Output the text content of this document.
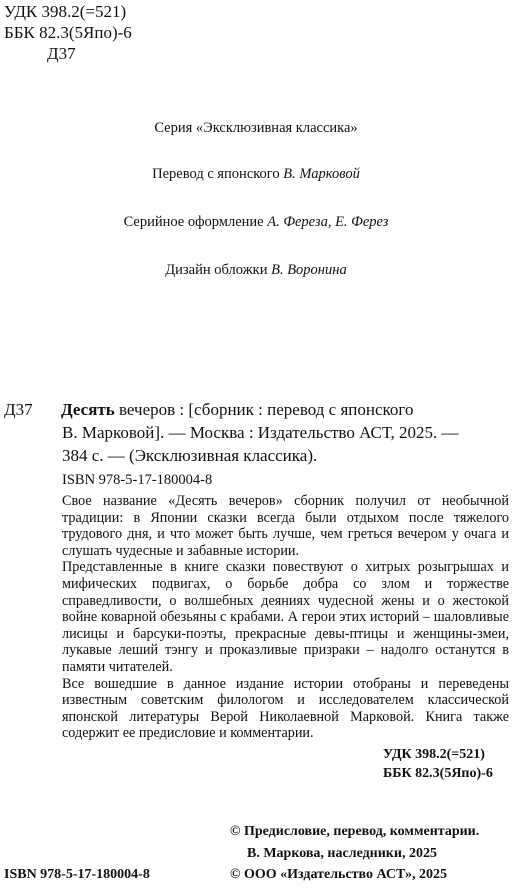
УДК 398.2(=521)
ББК 82.3(5Япо)-6
Д37
Серия «Эксклюзивная классика»
Перевод с японского В. Марковой
Серийное оформление А. Фереза, Е. Ферез
Дизайн обложки В. Воронина
Д37 Десять вечеров : [сборник : перевод с японского
В. Марковой]. — Москва : Издательство АСТ, 2025. —
384 с. — (Эксклюзивная классика).
ISBN 978-5-17-180004-8

Свое название «Десять вечеров» сборник получил от необычной традиции: в Японии сказки всегда были отдыхом после тяжелого трудового дня, и что может быть лучше, чем греться вечером у очага и слушать чудесные и забавные истории.

Представленные в книге сказки повествуют о хитрых розыгрышах и мифических подвигах, о борьбе добра со злом и торжестве справедливости, о волшебных деяниях чудесной жены и о жестокой войне коварной обезьяны с крабами. А герои этих историй – шаловливые лисицы и барсуки-поэты, прекрасные девы-птицы и женщины-змеи, лукавые леший тэнгу и проказливые призраки – надолго останутся в памяти читателей.

Все вошедшие в данное издание истории отобраны и переведены известным советским филологом и исследователем классической японской литературы Верой Николаевной Марковой. Книга также содержит ее предисловие и комментарии.

УДК 398.2(=521)
ББК 82.3(5Япо)-6
© Предисловие, перевод, комментарии.
В. Маркова, наследники, 2025
ISBN 978-5-17-180004-8	© ООО «Издательство АСТ», 2025
